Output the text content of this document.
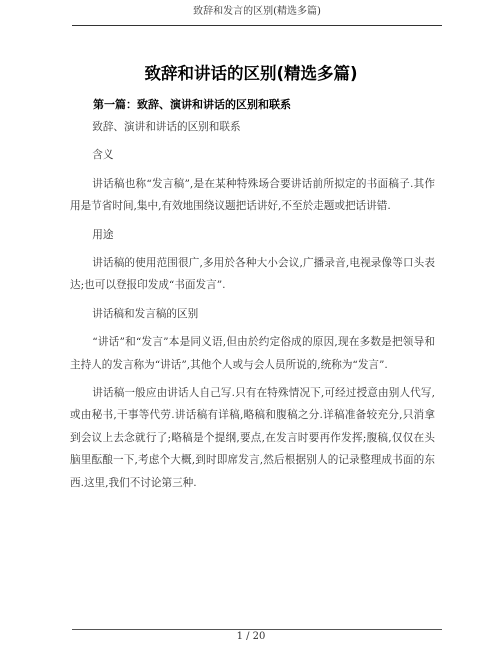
致辞和发言的区别(精选多篇)
致辞和讲话的区别(精选多篇)
第一篇：致辞、演讲和讲话的区别和联系

致辞、演讲和讲话的区别和联系

含义

讲话稿也称“发言稿”,是在某种特殊场合要讲话前所拟定的书面稿子.其作用是节省时间,集中,有效地围绕议题把话讲好,不至於走题或把话讲错.

用途

讲话稿的使用范围很广,多用於各种大小会议,广播录音,电视录像等口头表达;也可以登报印发成“书面发言”.

讲话稿和发言稿的区别

“讲话”和“发言”本是同义语,但由於约定俗成的原因,现在多数是把领导和主持人的发言称为“讲话”,其他个人或与会人员所说的,统称为“发言”.

讲话稿一般应由讲话人自己写.只有在特殊情况下,可经过授意由别人代写,或由秘书,干事等代劳.讲话稿有详稿,略稿和腹稿之分.详稿准备较充分,只消拿到会议上去念就行了;略稿是个提纲,要点,在发言时要再作发挥;腹稿,仅仅在头脑里酝酿一下,考虑个大概,到时即席发言,然后根据别人的记录整理成书面的东西.这里,我们不讨论第三种.

1 / 20
